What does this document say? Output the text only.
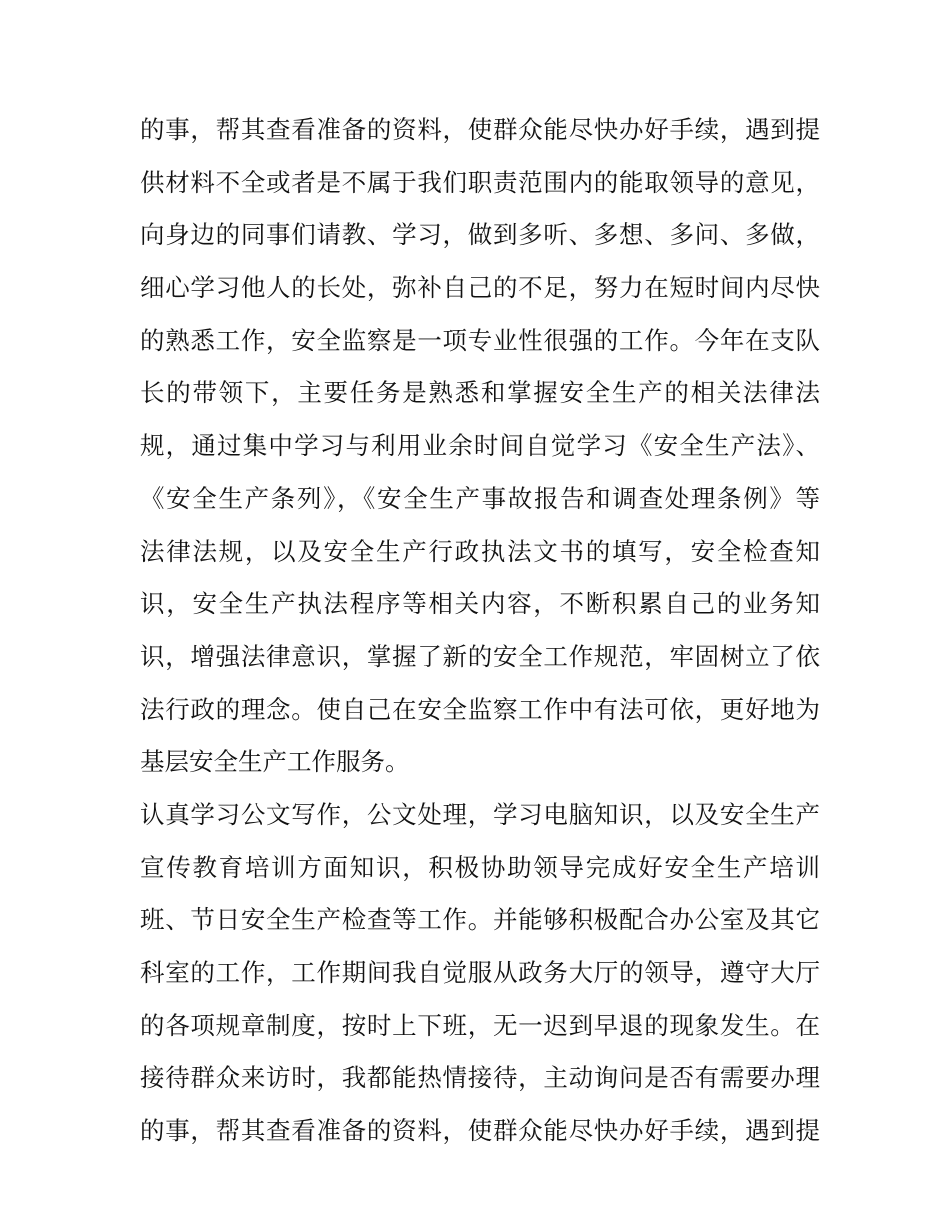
的事，帮其查看准备的资料，使群众能尽快办好手续，遇到提
供材料不全或者是不属于我们职责范围内的能取领导的意见，
向身边的同事们请教、学习，做到多听、多想、多问、多做，
细心学习他人的长处，弥补自己的不足，努力在短时间内尽快
的熟悉工作，安全监察是一项专业性很强的工作。今年在支队
长的带领下，主要任务是熟悉和掌握安全生产的相关法律法
规，通过集中学习与利用业余时间自觉学习《安全生产法》、
《安全生产条列》，《安全生产事故报告和调查处理条例》等
法律法规，以及安全生产行政执法文书的填写，安全检查知
识，安全生产执法程序等相关内容，不断积累自己的业务知
识，增强法律意识，掌握了新的安全工作规范，牢固树立了依
法行政的理念。使自己在安全监察工作中有法可依，更好地为
基层安全生产工作服务。
认真学习公文写作，公文处理，学习电脑知识，以及安全生产
宣传教育培训方面知识，积极协助领导完成好安全生产培训
班、节日安全生产检查等工作。并能够积极配合办公室及其它
科室的工作，工作期间我自觉服从政务大厅的领导，遵守大厅
的各项规章制度，按时上下班，无一迟到早退的现象发生。在
接待群众来访时，我都能热情接待，主动询问是否有需要办理
的事，帮其查看准备的资料，使群众能尽快办好手续，遇到提
